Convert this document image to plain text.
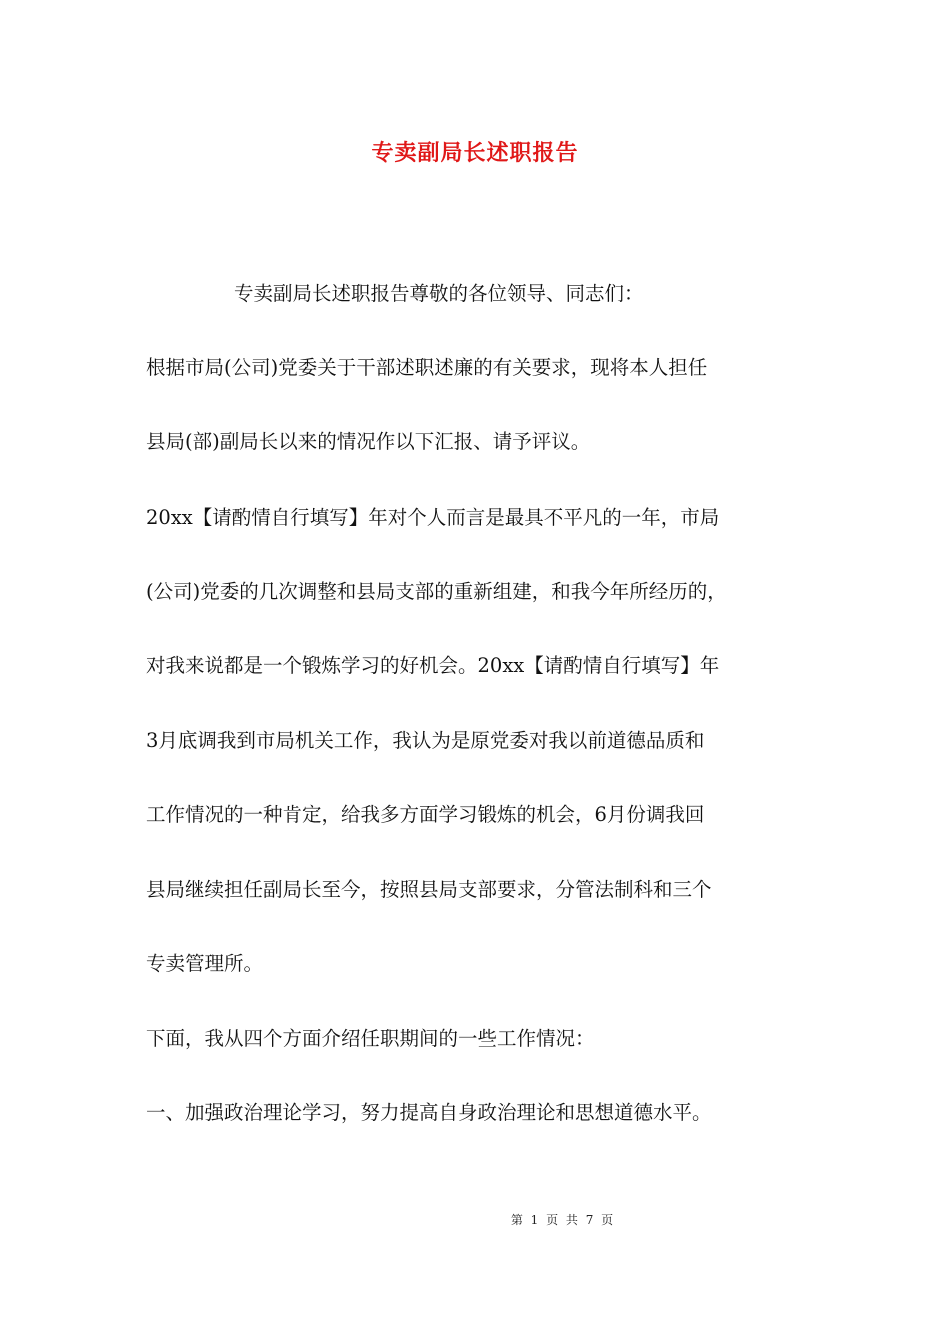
专卖副局长述职报告
专卖副局长述职报告尊敬的各位领导、同志们：
根据市局(公司)党委关于干部述职述廉的有关要求，现将本人担任
县局(部)副局长以来的情况作以下汇报、请予评议。
20xx【请酌情自行填写】年对个人而言是最具不平凡的一年，市局
(公司)党委的几次调整和县局支部的重新组建，和我今年所经历的，
对我来说都是一个锻炼学习的好机会。20xx【请酌情自行填写】年
3月底调我到市局机关工作，我认为是原党委对我以前道德品质和
工作情况的一种肯定，给我多方面学习锻炼的机会，6月份调我回
县局继续担任副局长至今，按照县局支部要求，分管法制科和三个
专卖管理所。
下面，我从四个方面介绍任职期间的一些工作情况：
一、加强政治理论学习，努力提高自身政治理论和思想道德水平。
第 1 页 共 7 页
